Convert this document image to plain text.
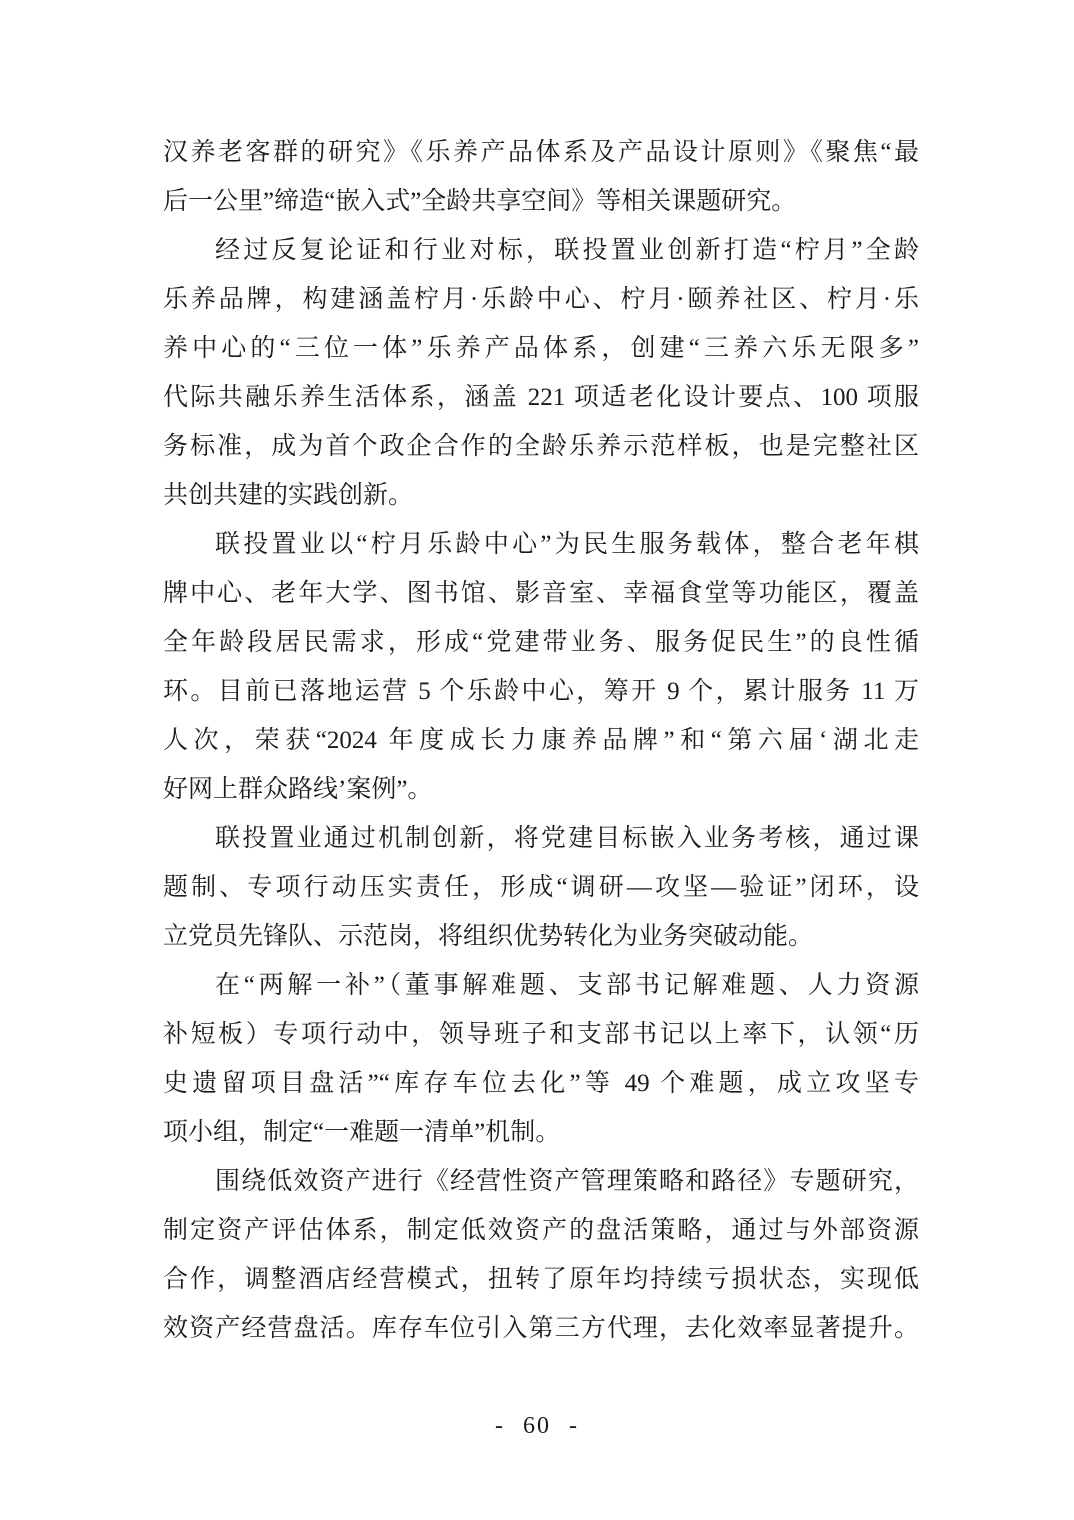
汉养老客群的研究》《乐养产品体系及产品设计原则》《聚焦“最
后一公里”缔造“嵌入式”全龄共享空间》等相关课题研究。
经过反复论证和行业对标，联投置业创新打造“柠月”全龄
乐养品牌，构建涵盖柠月·乐龄中心、柠月·颐养社区、柠月·乐
养中心的“三位一体”乐养产品体系，创建“三养六乐无限多”
代际共融乐养生活体系，涵盖 221 项适老化设计要点、100 项服
务标准，成为首个政企合作的全龄乐养示范样板，也是完整社区
共创共建的实践创新。
联投置业以“柠月乐龄中心”为民生服务载体，整合老年棋
牌中心、老年大学、图书馆、影音室、幸福食堂等功能区，覆盖
全年龄段居民需求，形成“党建带业务、服务促民生”的良性循
环。目前已落地运营 5 个乐龄中心，筹开 9 个，累计服务 11 万
人次，荣获“2024 年度成长力康养品牌”和“第六届‘湖北走
好网上群众路线’案例”。
联投置业通过机制创新，将党建目标嵌入业务考核，通过课
题制、专项行动压实责任，形成“调研—攻坚—验证”闭环，设
立党员先锋队、示范岗，将组织优势转化为业务突破动能。
在“两解一补”（董事解难题、支部书记解难题、人力资源
补短板）专项行动中，领导班子和支部书记以上率下，认领“历
史遗留项目盘活”“库存车位去化”等 49 个难题，成立攻坚专
项小组，制定“一难题一清单”机制。
围绕低效资产进行《经营性资产管理策略和路径》专题研究，
制定资产评估体系，制定低效资产的盘活策略，通过与外部资源
合作，调整酒店经营模式，扭转了原年均持续亏损状态，实现低
效资产经营盘活。库存车位引入第三方代理，去化效率显著提升。
- 60 -
